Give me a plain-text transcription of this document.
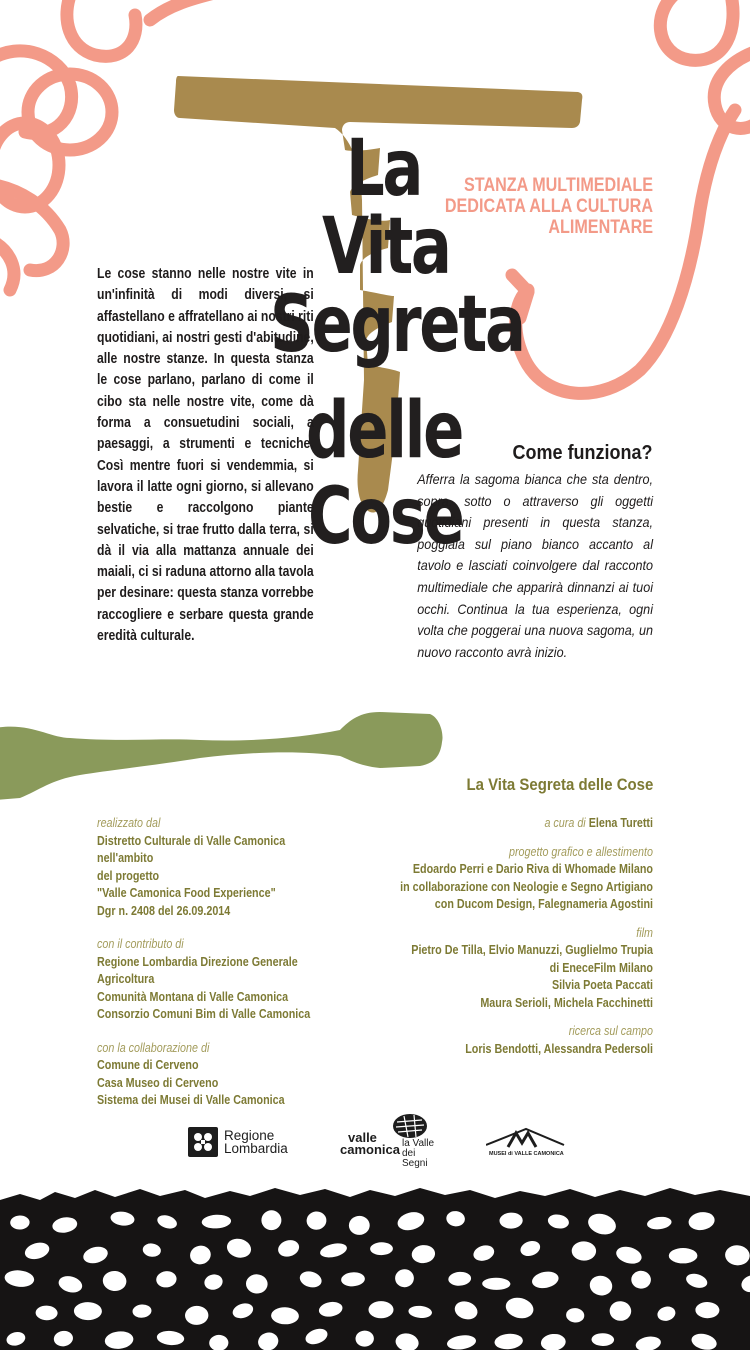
La
Vita
Segreta
delle
Cose
STANZA MULTIMEDIALE
DEDICATA ALLA CULTURA
ALIMENTARE

Le cose stanno nelle nostre vite in un'infinità di modi diversi, si affastellano e affratellano ai nostri riti quotidiani, ai nostri gesti d'abitudine, alle nostre stanze. In questa stanza le cose parlano, parlano di come il cibo sta nelle nostre vite, come dà forma a consuetudini sociali, a paesaggi, a strumenti e tecniche. Così mentre fuori si vendemmia, si lavora il latte ogni giorno, si allevano bestie e raccolgono piante selvatiche, si trae frutto dalla terra, si dà il via alla mattanza annuale dei maiali, ci si raduna attorno alla tavola per desinare: questa stanza vorrebbe raccogliere e serbare questa grande eredità culturale.

Come funziona?
Afferra la sagoma bianca che sta dentro, sopra, sotto o attraverso gli oggetti quotidiani presenti in questa stanza, poggiala sul piano bianco accanto al tavolo e lasciati coinvolgere dal racconto multimediale che apparirà dinnanzi ai tuoi occhi. Continua la tua esperienza, ogni volta che poggerai una nuova sagoma, un nuovo racconto avrà inizio.
La Vita Segreta delle Cose
realizzato dal
Distretto Culturale di Valle Camonica nell'ambito
del progetto
"Valle Camonica Food Experience"
Dgr n. 2408 del 26.09.2014
con il contributo di
Regione Lombardia Direzione Generale Agricoltura
Comunità Montana di Valle Camonica
Consorzio Comuni Bim di Valle Camonica
con la collaborazione di
Comune di Cerveno
Casa Museo di Cerveno
Sistema dei Musei di Valle Camonica
a cura di Elena Turetti
progetto grafico e allestimento
Edoardo Perri e Dario Riva di Whomade Milano
in collaborazione con Neologie e Segno Artigiano
con Ducom Design, Falegnameria Agostini
film
Pietro De Tilla, Elvio Manuzzi, Guglielmo Trupia
di EneceFilm Milano
Silvia Poeta Paccati
Maura Serioli, Michela Facchinetti
ricerca sul campo
Loris Bendotti, Alessandra Pedersoli
Regione
Lombardia
valle
camonica la Valle
dei Segni
MUSEI di VALLE CAMONICA
